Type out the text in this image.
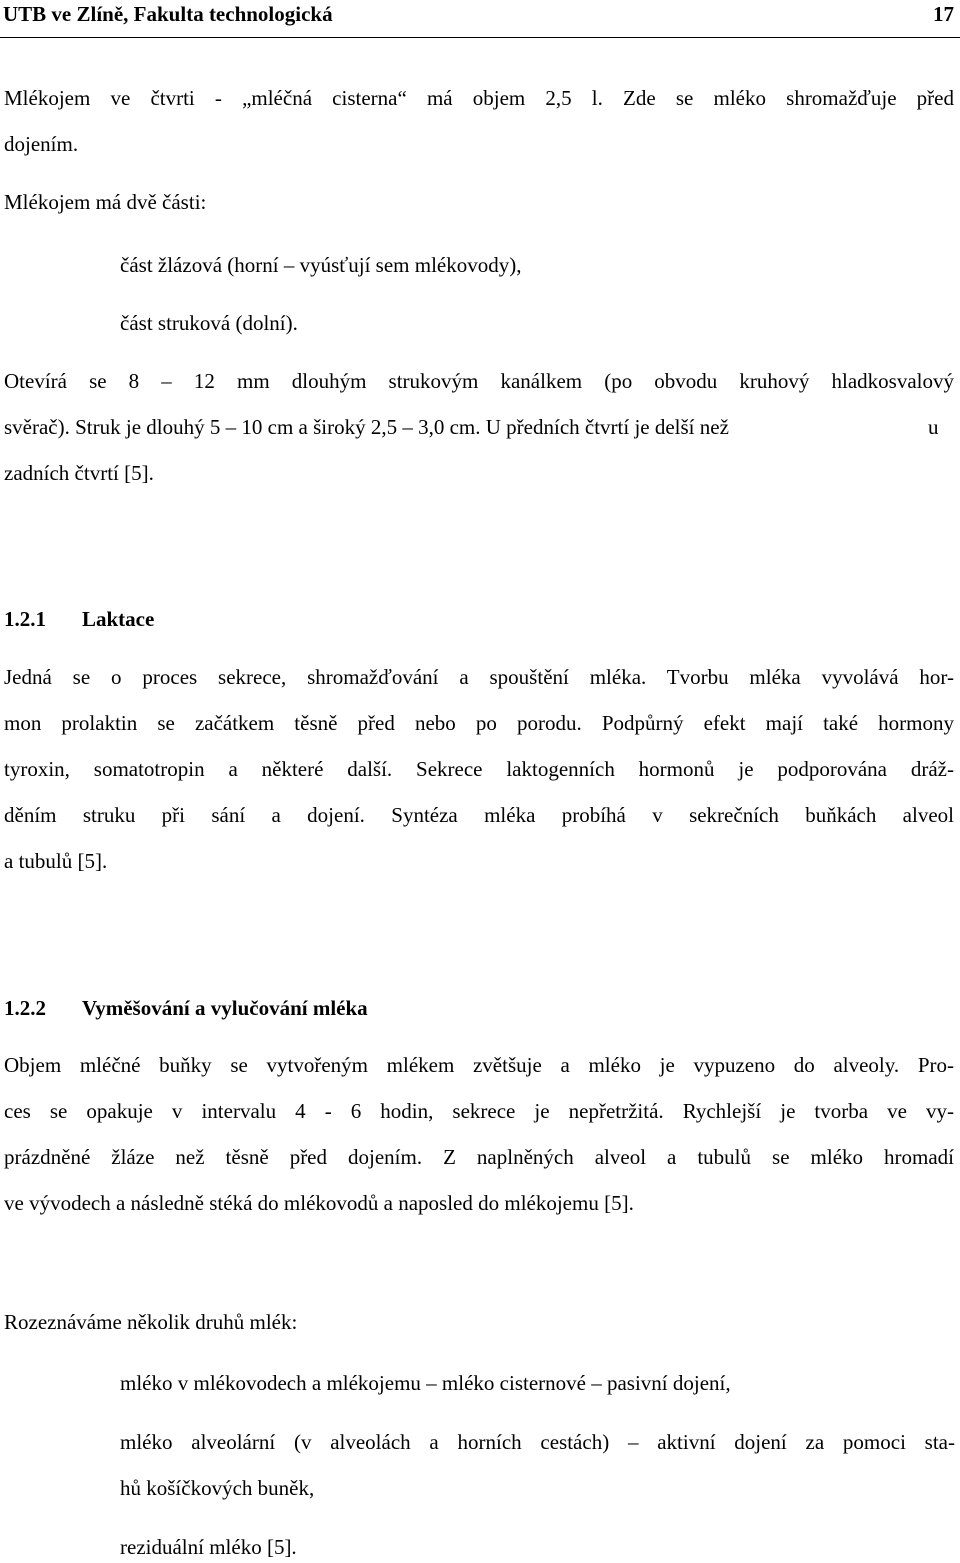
UTB ve Zlíně, Fakulta technologická	17
Mlékojem ve čtvrti - „mléčná cisterna“ má objem 2,5 l. Zde se mléko shromažďuje před
dojením.
Mlékojem má dvě části:
část žlázová (horní – vyúsťují sem mlékovody),
část struková (dolní).
Otevírá se 8 – 12 mm dlouhým strukovým kanálkem (po obvodu kruhový hladkosvalový
svěrač). Struk je dlouhý 5 – 10 cm a široký 2,5 – 3,0 cm. U předních čtvrtí je delší než	u
zadních čtvrtí [5].
1.2.1 Laktace
Jedná se o proces sekrece, shromažďování a spouštění mléka. Tvorbu mléka vyvolává hor-
mon prolaktin se začátkem těsně před nebo po porodu. Podpůrný efekt mají také hormony
tyroxin, somatotropin a některé další. Sekrece laktogenních hormonů je podporována dráž-
děním struku při sání a dojení. Syntéza mléka probíhá v sekrečních buňkách alveol
a tubulů [5].
1.2.2 Vyměšování a vylučování mléka
Objem mléčné buňky se vytvořeným mlékem zvětšuje a mléko je vypuzeno do alveoly. Pro-
ces se opakuje v intervalu 4 - 6 hodin, sekrece je nepřetržitá. Rychlejší je tvorba ve vy-
prázdněné žláze než těsně před dojením. Z naplněných alveol a tubulů se mléko hromadí
ve vývodech a následně stéká do mlékovodů a naposled do mlékojemu [5].
Rozeznáváme několik druhů mlék:
mléko v mlékovodech a mlékojemu – mléko cisternové – pasivní dojení,
mléko alveolární (v alveolách a horních cestách) – aktivní dojení za pomoci sta-
hů košíčkových buněk,
reziduální mléko [5].
